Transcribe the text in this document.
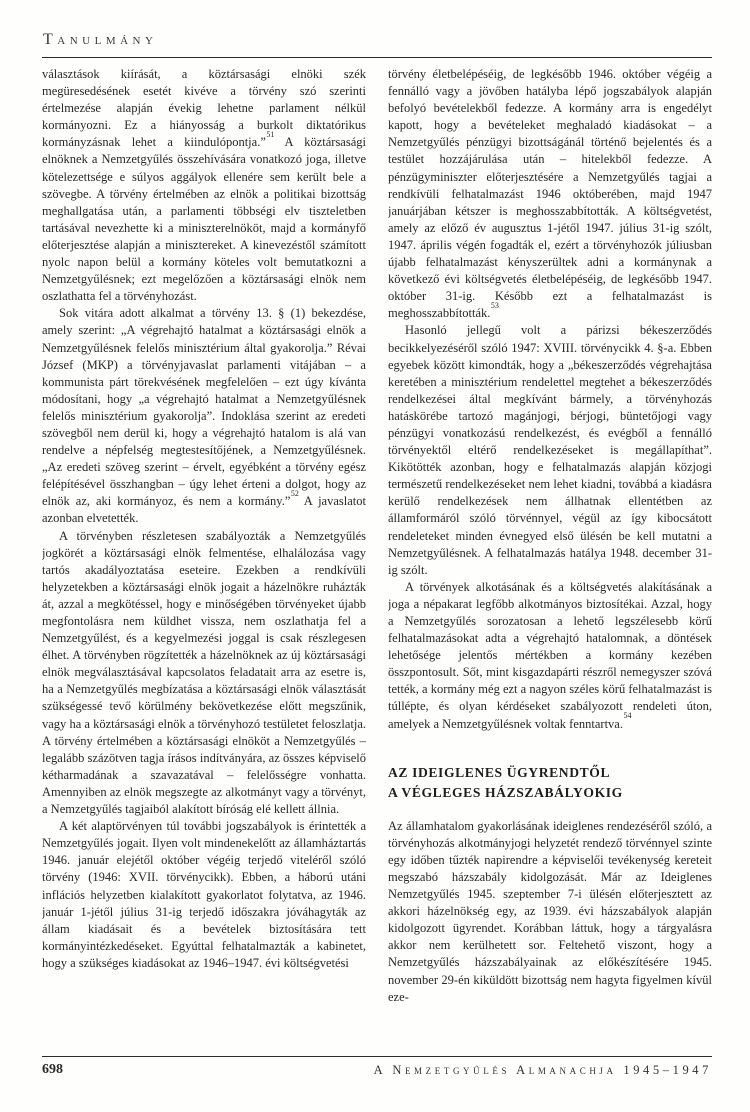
Tanulmány

választások kiírását, a köztársasági elnöki szék megüresedésének esetét kivéve a törvény szó szerinti értelmezése alapján évekig lehetne parlament nélkül kormányozni. Ez a hiányosság a burkolt diktatórikus kormányzásnak lehet a kiindulópontja.”$^{51}$ A köztársasági elnöknek a Nemzetgyűlés összehívására vonatkozó joga, illetve kötelezettsége e súlyos aggályok ellenére sem került bele a szövegbe. A törvény értelmében az elnök a politikai bizottság meghallgatása után, a parlamenti többségi elv tiszteletben tartásával nevezhette ki a miniszterelnököt, majd a kormányfő előterjesztése alapján a minisztereket. A kinevezéstől számított nyolc napon belül a kormány köteles volt bemutatkozni a Nemzetgyűlésnek; ezt megelőzően a köztársasági elnök nem oszlathatta fel a törvényhozást.

Sok vitára adott alkalmat a törvény 13. § (1) bekezdése, amely szerint: „A végrehajtó hatalmat a köztársasági elnök a Nemzetgyűlésnek felelős minisztérium által gyakorolja.” Révai József (MKP) a törvényjavaslat parlamenti vitájában – a kommunista párt törekvésének megfelelően – ezt úgy kívánta módosítani, hogy „a végrehajtó hatalmat a Nemzetgyűlésnek felelős minisztérium gyakorolja”. Indoklása szerint az eredeti szövegből nem derül ki, hogy a végrehajtó hatalom is alá van rendelve a népfelség megtestesítőjének, a Nemzetgyűlésnek. „Az eredeti szöveg szerint – érvelt, egyébként a törvény egész felépítésével összhangban – úgy lehet érteni a dolgot, hogy az elnök az, aki kormányoz, és nem a kormány.”$^{52}$ A javaslatot azonban elvetették.

A törvényben részletesen szabályozták a Nemzetgyűlés jogkörét a köztársasági elnök felmentése, elhalálozása vagy tartós akadályoztatása eseteire. Ezekben a rendkívüli helyzetekben a köztársasági elnök jogait a házelnökre ruházták át, azzal a megkötéssel, hogy e minőségében törvényeket újabb megfontolásra nem küldhet vissza, nem oszlathatja fel a Nemzetgyűlést, és a kegyelmezési joggal is csak részlegesen élhet. A törvényben rögzítették a házelnöknek az új köztársasági elnök megválasztásával kapcsolatos feladatait arra az esetre is, ha a Nemzetgyűlés megbízatása a köztársasági elnök választását szükségessé tevő körülmény bekövetkezése előtt megszűnik, vagy ha a köztársasági elnök a törvényhozó testületet feloszlatja. A törvény értelmében a köztársasági elnököt a Nemzetgyűlés – legalább százötven tagja írásos indítványára, az összes képviselő kétharmadának a szavazatával – felelősségre vonhatta. Amennyiben az elnök megszegte az alkotmányt vagy a törvényt, a Nemzetgyűlés tagjaiból alakított bíróság elé kellett állnia.

A két alaptörvényen túl további jogszabályok is érintették a Nemzetgyűlés jogait. Ilyen volt mindenekelőtt az államháztartás 1946. január elejétől október végéig terjedő viteléről szóló törvény (1946: XVII. törvénycikk). Ebben, a háború utáni inflációs helyzetben kialakított gyakorlatot folytatva, az 1946. január 1-jétől július 31-ig terjedő időszakra jóváhagyták az állam kiadásait és a bevételek biztosítására tett kormányintézkedéseket. Egyúttal felhatalmazták a kabinetet, hogy a szükséges kiadásokat az 1946–1947. évi költségvetési

törvény életbelépéséig, de legkésőbb 1946. október végéig a fennálló vagy a jövőben hatályba lépő jogszabályok alapján befolyó bevételekből fedezze. A kormány arra is engedélyt kapott, hogy a bevételeket meghaladó kiadásokat – a Nemzetgyűlés pénzügyi bizottságánál történő bejelentés és a testület hozzájárulása után – hitelekből fedezze. A pénzügyminiszter előterjesztésére a Nemzetgyűlés tagjai a rendkívüli felhatalmazást 1946 októberében, majd 1947 januárjában kétszer is meghosszabbították. A költségvetést, amely az előző év augusztus 1-jétől 1947. július 31-ig szólt, 1947. április végén fogadták el, ezért a törvényhozók júliusban újabb felhatalmazást kényszerültek adni a kormánynak a következő évi költségvetés életbelépéséig, de legkésőbb 1947. október 31-ig. Később ezt a felhatalmazást is meghosszabbították.$^{53}$

Hasonló jellegű volt a párizsi békeszerződés becikkelyezéséről szóló 1947: XVIII. törvénycikk 4. §-a. Ebben egyebek között kimondták, hogy a „békeszerződés végrehajtása keretében a minisztérium rendelettel megtehet a békeszerződés rendelkezései által megkívánt bármely, a törvényhozás hatáskörébe tartozó magánjogi, bérjogi, büntetőjogi vagy pénzügyi vonatkozású rendelkezést, és evégből a fennálló törvényektől eltérő rendelkezéseket is megállapíthat”. Kikötötték azonban, hogy e felhatalmazás alapján közjogi természetű rendelkezéseket nem lehet kiadni, továbbá a kiadásra kerülő rendelkezések nem állhatnak ellentétben az államformáról szóló törvénnyel, végül az így kibocsátott rendeleteket minden évnegyed első ülésén be kell mutatni a Nemzetgyűlésnek. A felhatalmazás hatálya 1948. december 31-ig szólt.

A törvények alkotásának és a költségvetés alakításának a joga a népakarat legfőbb alkotmányos biztosítékai. Azzal, hogy a Nemzetgyűlés sorozatosan a lehető legszélesebb körű felhatalmazásokat adta a végrehajtó hatalomnak, a döntések lehetősége jelentős mértékben a kormány kezében összpontosult. Sőt, mint kisgazdapárti részről nemegyszer szóvá tették, a kormány még ezt a nagyon széles körű felhatalmazást is túllépte, és olyan kérdéseket szabályozott rendeleti úton, amelyek a Nemzetgyűlésnek voltak fenntartva.$^{54}$

AZ IDEIGLENES ÜGYRENDTŐL
A VÉGLEGES HÁZSZABÁLYOKIG

Az államhatalom gyakorlásának ideiglenes rendezéséről szóló, a törvényhozás alkotmányjogi helyzetét rendező törvénnyel szinte egy időben tűzték napirendre a képviselői tevékenység kereteit megszabó házszabály kidolgozását. Már az Ideiglenes Nemzetgyűlés 1945. szeptember 7-i ülésén előterjesztett az akkori házelnökség egy, az 1939. évi házszabályok alapján kidolgozott ügyrendet. Korábban láttuk, hogy a tárgyalásra akkor nem kerülhetett sor. Feltehető viszont, hogy a Nemzetgyűlés házszabályainak az előkészítésére 1945. november 29-én kiküldött bizottság nem hagyta figyelmen kívül eze-

698	A Nemzetgyűlés Almanachja 1945–1947
